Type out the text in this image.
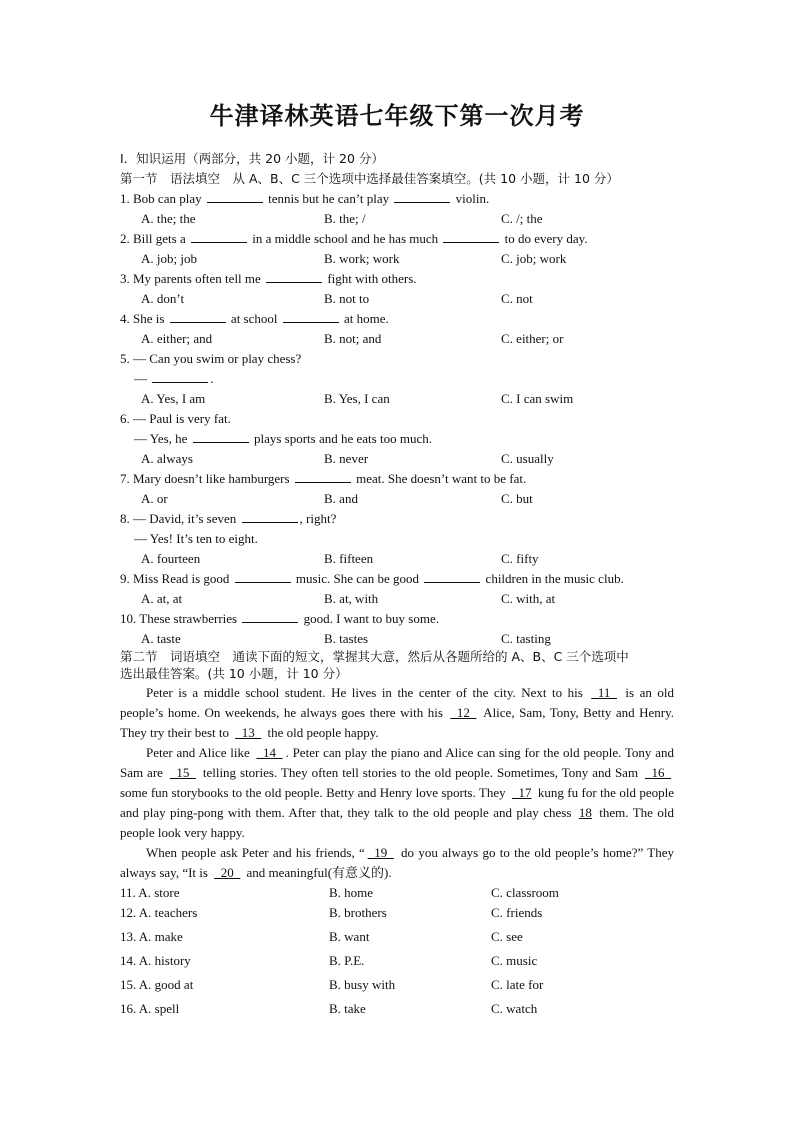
牛津译林英语七年级下第一次月考
I．知识运用（两部分，共 20 小题，计 20 分）
第一节　语法填空　从 A、B、C 三个选项中选择最佳答案填空。(共 10 小题，计 10 分）
1. Bob can play	tennis but he can’t play	violin.
A. the; the	B. the; /	C. /; the
2. Bill gets a	in a middle school and he has much	to do every day.
A. job; job	B. work; work	C. job; work
3. My parents often tell me	fight with others.
A. don’t	B. not to	C. not
4. She is	at school	at home.
A. either; and	B. not; and	C. either; or
5. — Can you swim or play chess?
—	.
A. Yes, I am	B. Yes, I can	C. I can swim
6. — Paul is very fat.
— Yes, he	plays sports and he eats too much.
A. always	B. never	C. usually
7. Mary doesn’t like hamburgers	meat. She doesn’t want to be fat.
A. or	B. and	C. but
8. — David, it’s seven	, right?
— Yes! It’s ten to eight.
A. fourteen	B. fifteen	C. fifty
9. Miss Read is good	music. She can be good	children in the music club.
A. at, at	B. at, with	C. with, at
10. These strawberries	good. I want to buy some.
A. taste	B. tastes	C. tasting
第二节　词语填空　通读下面的短文，掌握其大意，然后从各题所给的 A、B、C 三个选项中
选出最佳答案。(共 10 小题，计 10 分）
Peter is a middle school student. He lives in the center of the city. Next to his _11_ is an old people’s home. On weekends, he always goes there with his _12_ Alice, Sam, Tony, Betty and Henry. They try their best to _13_ the old people happy.
Peter and Alice like _14_ . Peter can play the piano and Alice can sing for the old people. Tony and Sam are _15_ telling stories. They often tell stories to the old people. Sometimes, Tony and Sam _16_ some fun storybooks to the old people. Betty and Henry love sports. They _17 kung fu for the old people and play ping-pong with them. After that, they talk to the old people and play chess 18 them. The old people look very happy.
When people ask Peter and his friends, “ _19_ do you always go to the old people’s home?” They always say, “It is _20_ and meaningful(有意义的).
11. A. store	B. home	C. classroom
12. A. teachers	B. brothers	C. friends
13. A. make	B. want	C. see
14. A. history	B. P.E.	C. music
15. A. good at	B. busy with	C. late for
16. A. spell	B. take	C. watch
